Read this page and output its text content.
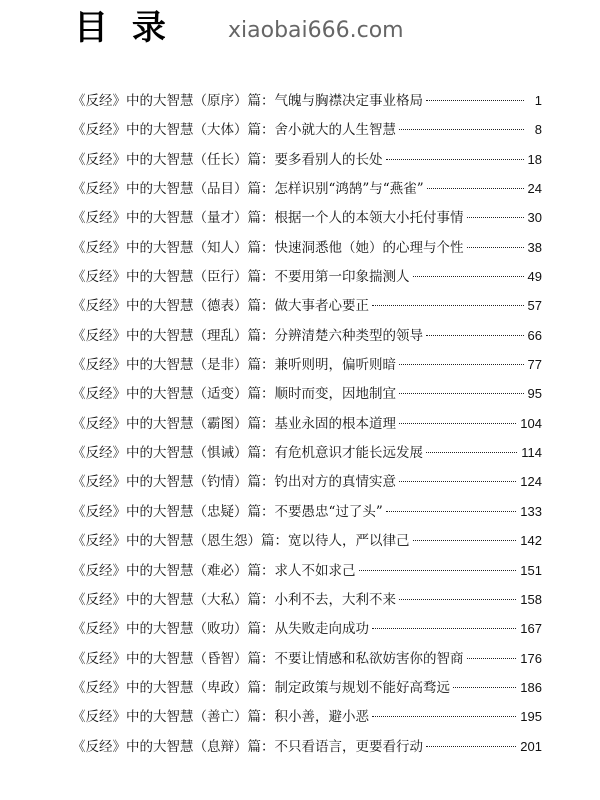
目 录	xiaobai666.com
《反经》中的大智慧（原序）篇：气魄与胸襟决定事业格局	1
《反经》中的大智慧（大体）篇：舍小就大的人生智慧	8
《反经》中的大智慧（任长）篇：要多看别人的长处	18
《反经》中的大智慧（品目）篇：怎样识别“鸿鹄”与“燕雀”	24
《反经》中的大智慧（量才）篇：根据一个人的本领大小托付事情	30
《反经》中的大智慧（知人）篇：快速洞悉他（她）的心理与个性	38
《反经》中的大智慧（臣行）篇：不要用第一印象揣测人	49
《反经》中的大智慧（德表）篇：做大事者心要正	57
《反经》中的大智慧（理乱）篇：分辨清楚六种类型的领导	66
《反经》中的大智慧（是非）篇：兼听则明，偏听则暗	77
《反经》中的大智慧（适变）篇：顺时而变，因地制宜	95
《反经》中的大智慧（霸图）篇：基业永固的根本道理	104
《反经》中的大智慧（惧诫）篇：有危机意识才能长远发展	114
《反经》中的大智慧（钓情）篇：钓出对方的真情实意	124
《反经》中的大智慧（忠疑）篇：不要愚忠“过了头”	133
《反经》中的大智慧（恩生怨）篇：宽以待人，严以律己	142
《反经》中的大智慧（难必）篇：求人不如求己	151
《反经》中的大智慧（大私）篇：小利不去，大利不来	158
《反经》中的大智慧（败功）篇：从失败走向成功	167
《反经》中的大智慧（昏智）篇：不要让情感和私欲妨害你的智商	176
《反经》中的大智慧（卑政）篇：制定政策与规划不能好高骛远	186
《反经》中的大智慧（善亡）篇：积小善，避小恶	195
《反经》中的大智慧（息辩）篇：不只看语言，更要看行动	201
